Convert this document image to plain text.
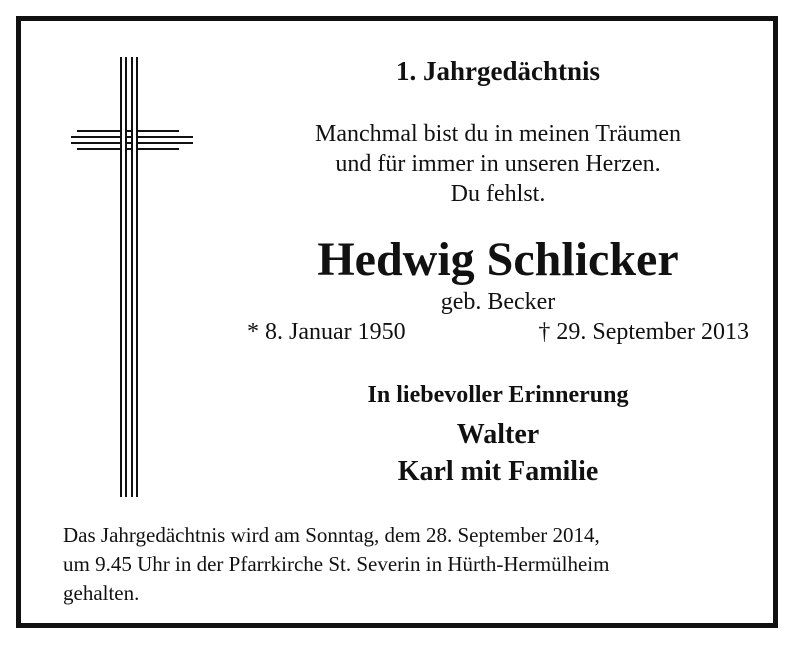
1. Jahrgedächtnis
Manchmal bist du in meinen Träumen
und für immer in unseren Herzen.
Du fehlst.
Hedwig Schlicker
geb. Becker
* 8. Januar 1950	† 29. September 2013
In liebevoller Erinnerung
Walter
Karl mit Familie
Das Jahrgedächtnis wird am Sonntag, dem 28. September 2014,
um 9.45 Uhr in der Pfarrkirche St. Severin in Hürth-Hermülheim
gehalten.
